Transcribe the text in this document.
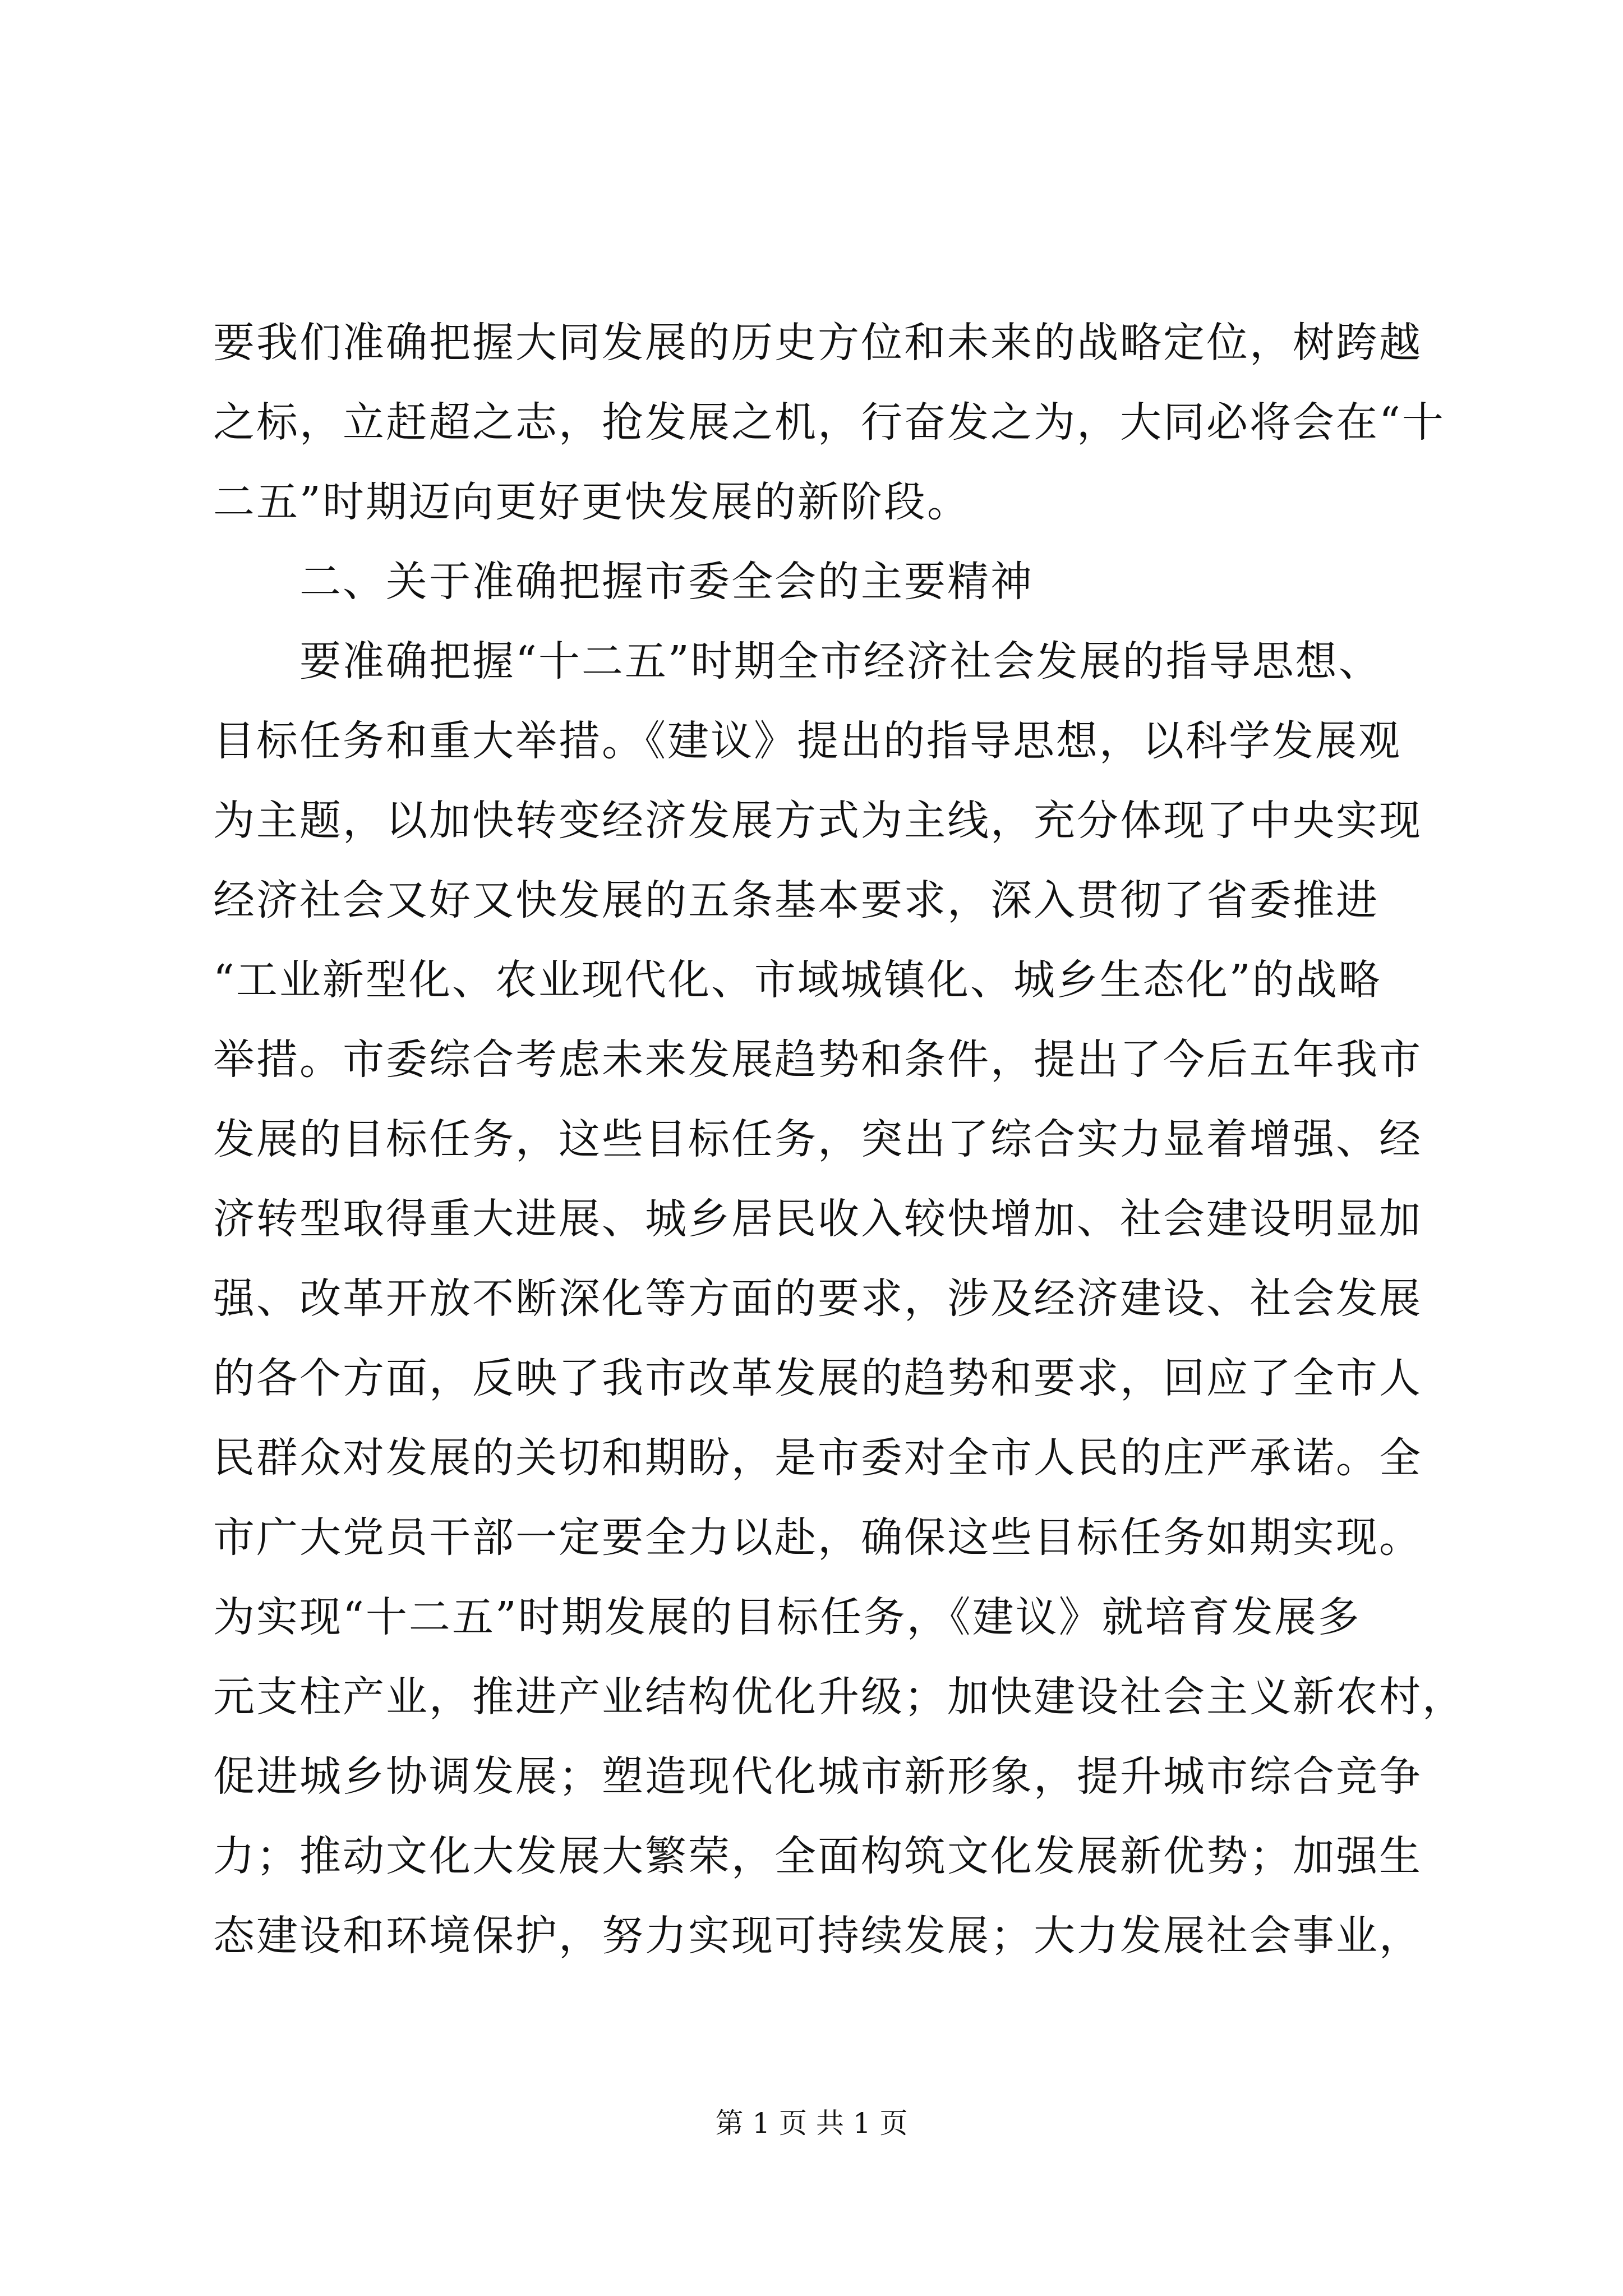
要我们准确把握大同发展的历史方位和未来的战略定位，树跨越
之标，立赶超之志，抢发展之机，行奋发之为，大同必将会在“十
二五”时期迈向更好更快发展的新阶段。
　　二、关于准确把握市委全会的主要精神
　　要准确把握“十二五”时期全市经济社会发展的指导思想、
目标任务和重大举措。《建议》提出的指导思想，以科学发展观
为主题，以加快转变经济发展方式为主线，充分体现了中央实现
经济社会又好又快发展的五条基本要求，深入贯彻了省委推进
“工业新型化、农业现代化、市域城镇化、城乡生态化”的战略
举措。市委综合考虑未来发展趋势和条件，提出了今后五年我市
发展的目标任务，这些目标任务，突出了综合实力显着增强、经
济转型取得重大进展、城乡居民收入较快增加、社会建设明显加
强、改革开放不断深化等方面的要求，涉及经济建设、社会发展
的各个方面，反映了我市改革发展的趋势和要求，回应了全市人
民群众对发展的关切和期盼，是市委对全市人民的庄严承诺。全
市广大党员干部一定要全力以赴，确保这些目标任务如期实现。
为实现“十二五”时期发展的目标任务，《建议》就培育发展多
元支柱产业，推进产业结构优化升级；加快建设社会主义新农村，
促进城乡协调发展；塑造现代化城市新形象，提升城市综合竞争
力；推动文化大发展大繁荣，全面构筑文化发展新优势；加强生
态建设和环境保护，努力实现可持续发展；大力发展社会事业，
第 1 页 共 1 页
